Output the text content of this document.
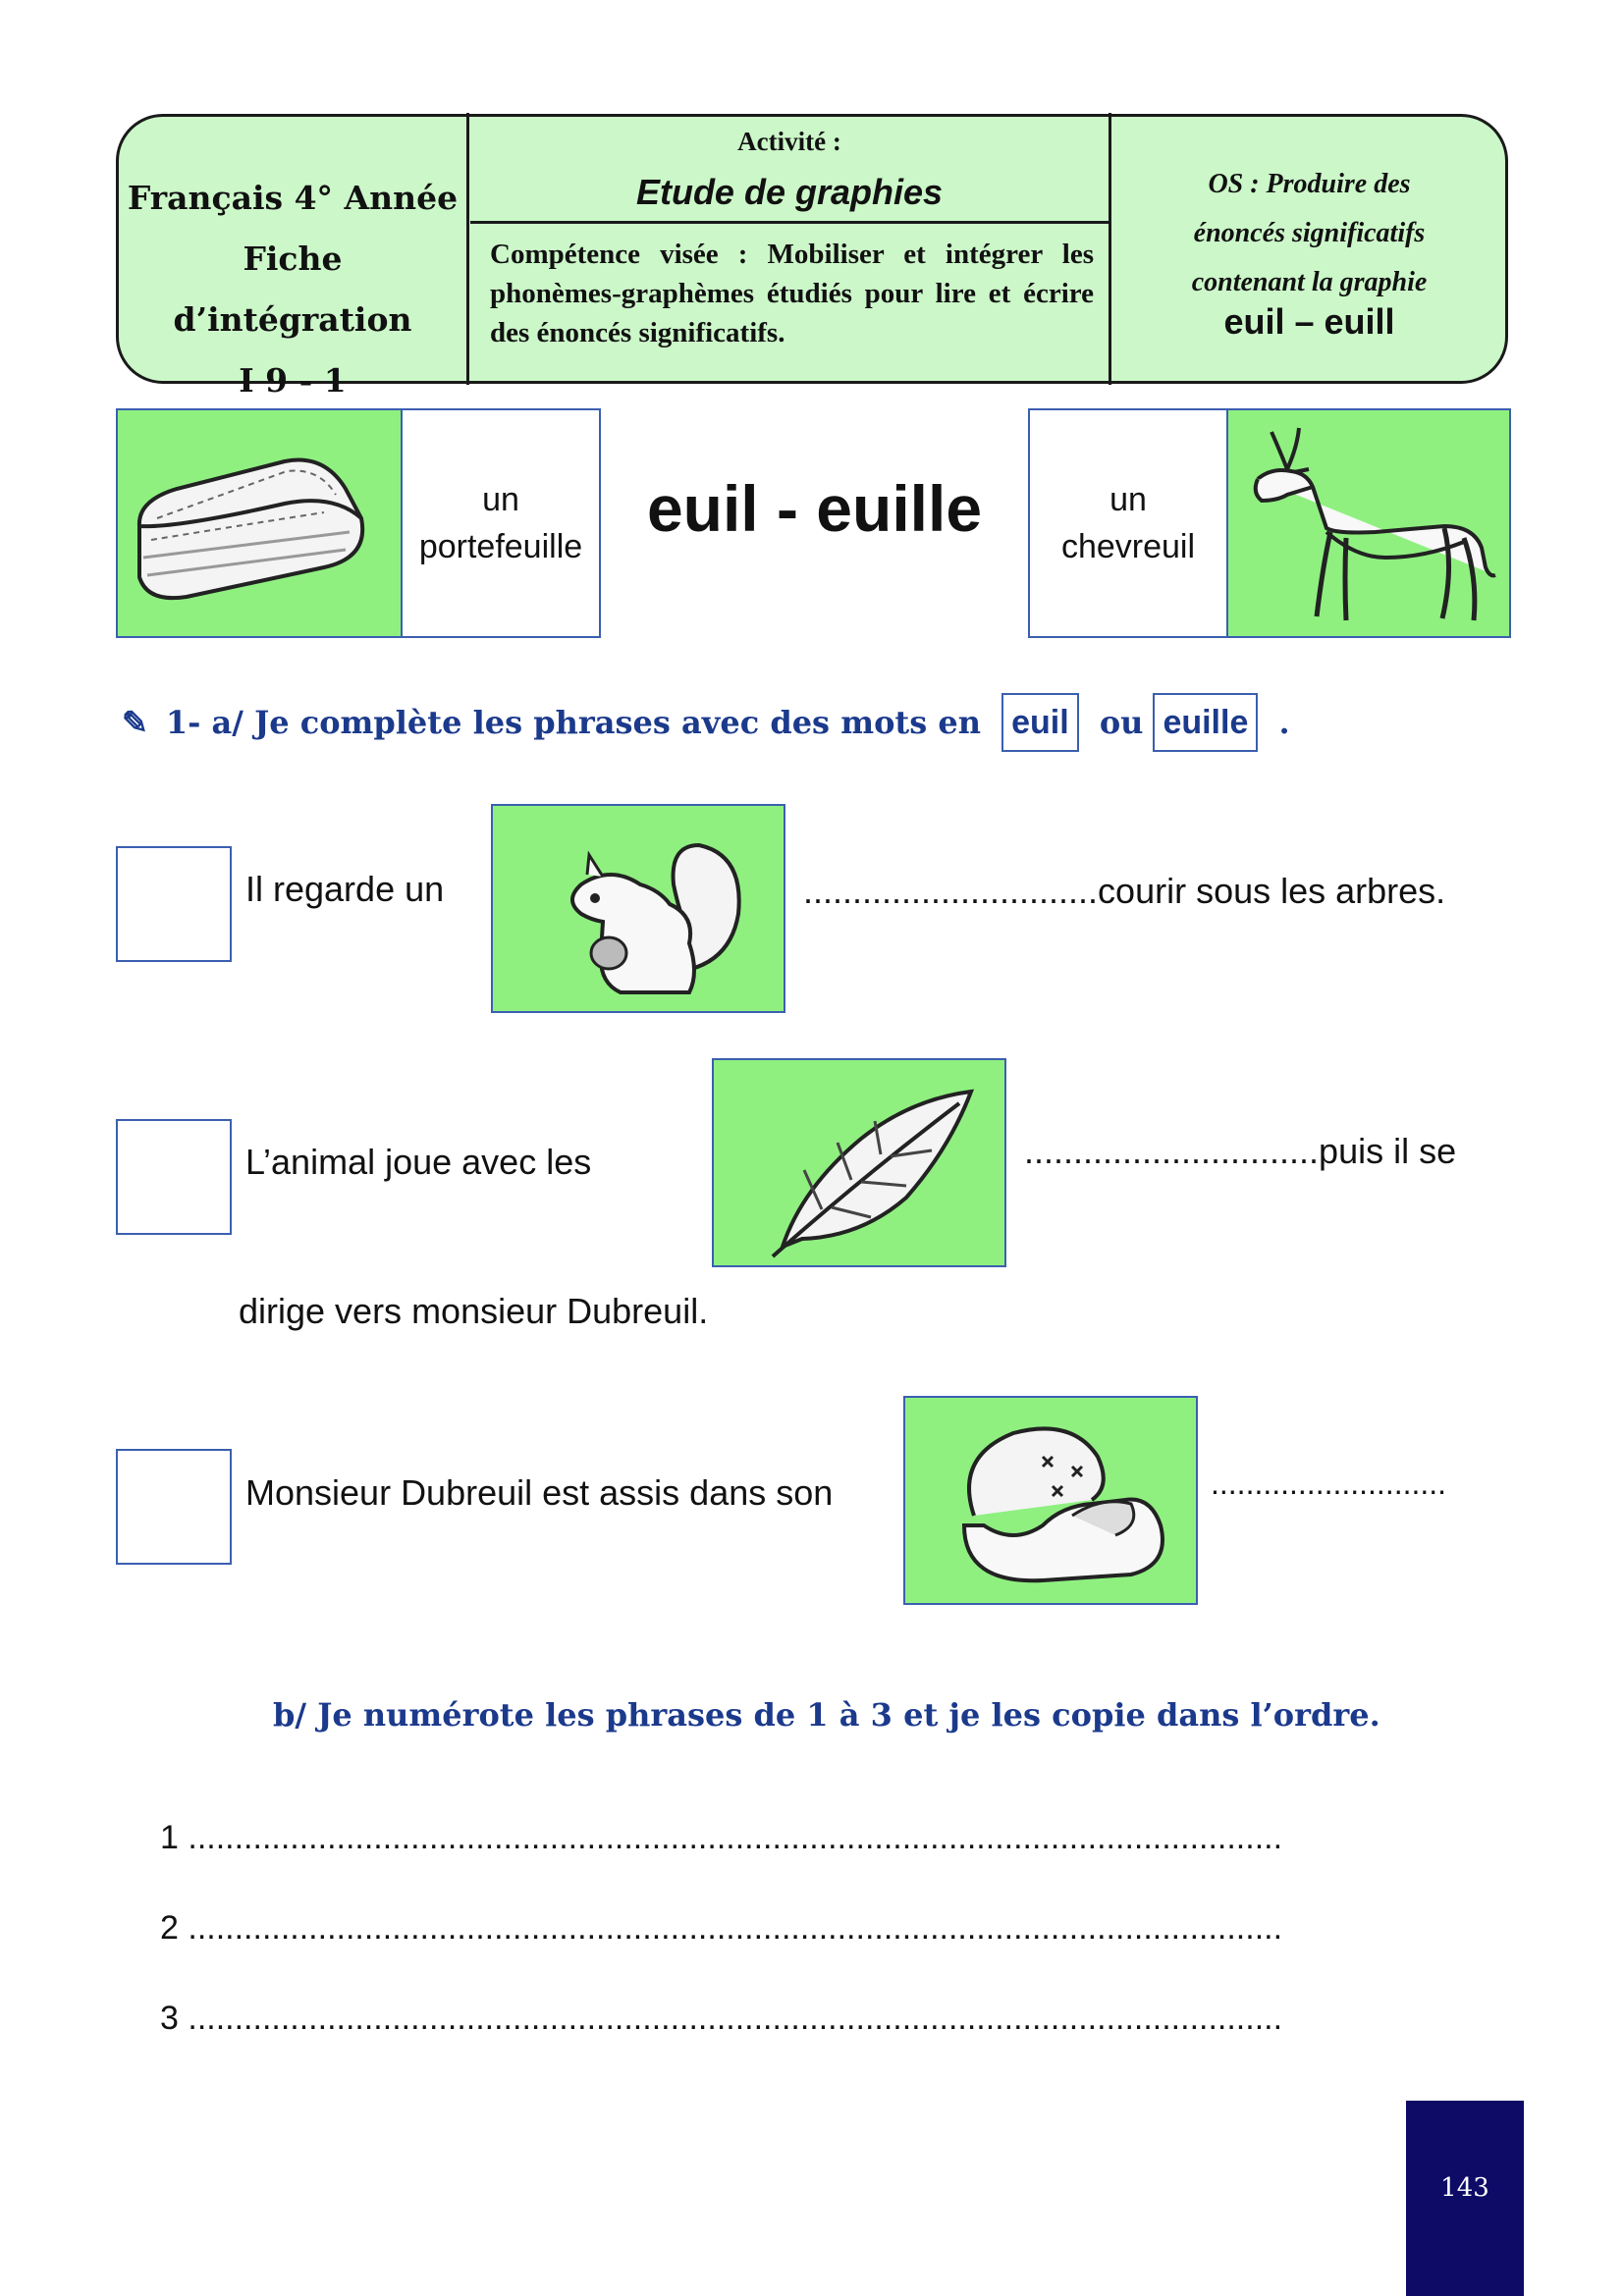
Français 4° Année
Fiche d’intégration
I 9 - 1
Activité :
Etude de graphies
Compétence visée : Mobiliser et intégrer les phonèmes-graphèmes étudiés pour lire et écrire des énoncés significatifs.
OS : Produire des
énoncés significatifs
contenant la graphie
euil – euill
un
portefeuille
euil - euille	un
chevreuil
✎ 1- a/ Je complète les phrases avec des mots en euil ou euille .
Il regarde un	..............................courir sous les arbres.
L’animal joue avec les	..............................puis il se
dirige vers monsieur Dubreuil.
Monsieur Dubreuil est assis dans son	...........................
b/ Je numérote les phrases de 1 à 3 et je les copie dans l’ordre.
1 ......................................................................................................................
2 ......................................................................................................................
3 ......................................................................................................................
143
